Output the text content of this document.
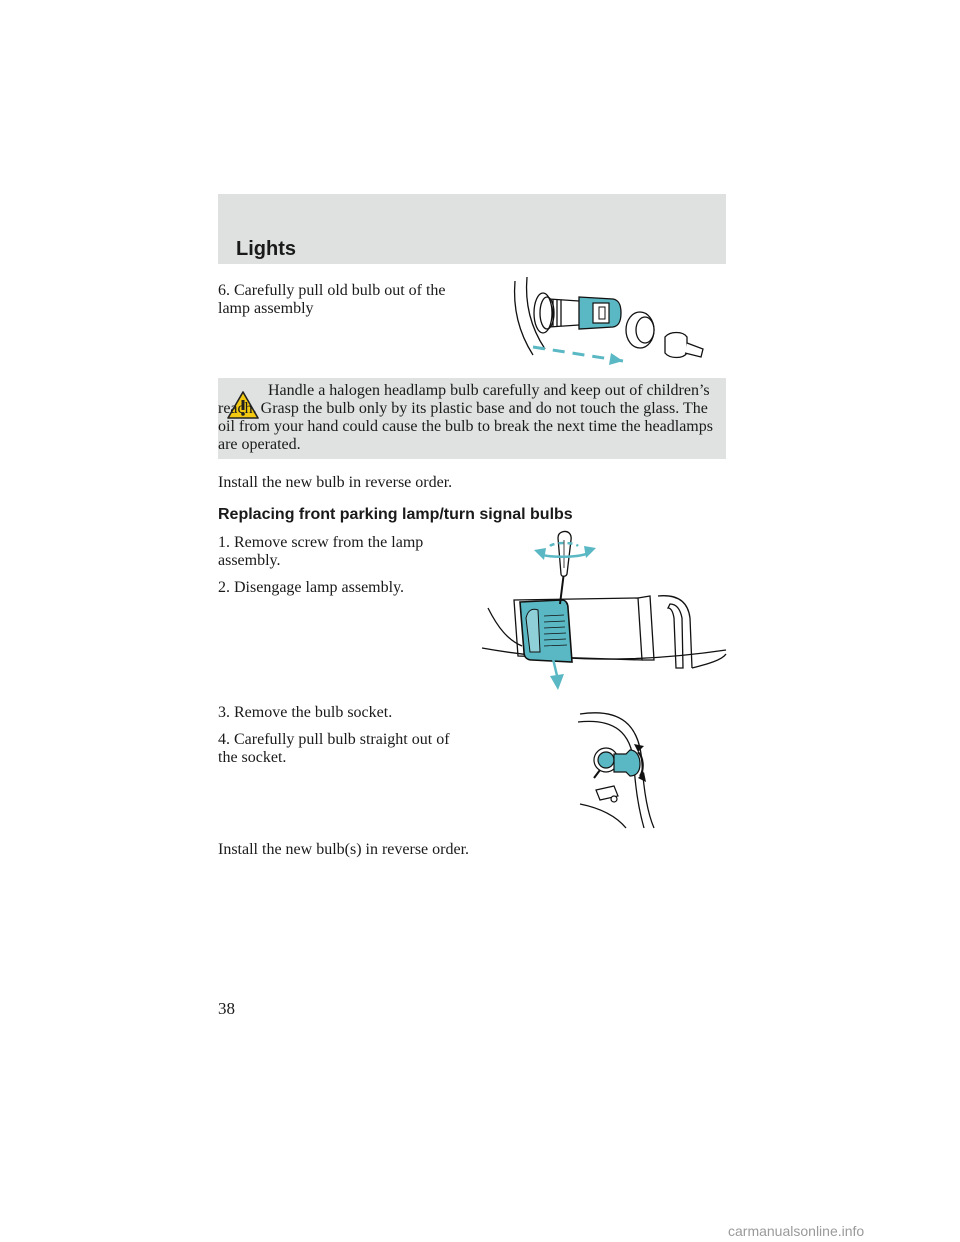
Lights

6. Carefully pull old bulb out of the lamp assembly

Handle a halogen headlamp bulb carefully and keep out of children’s reach. Grasp the bulb only by its plastic base and do not touch the glass. The oil from your hand could cause the bulb to break the next time the headlamps are operated.

Install the new bulb in reverse order.

Replacing front parking lamp/turn signal bulbs

1. Remove screw from the lamp assembly.

2. Disengage lamp assembly.

3. Remove the bulb socket.

4. Carefully pull bulb straight out of the socket.

Install the new bulb(s) in reverse order.

38
carmanualsonline.info
